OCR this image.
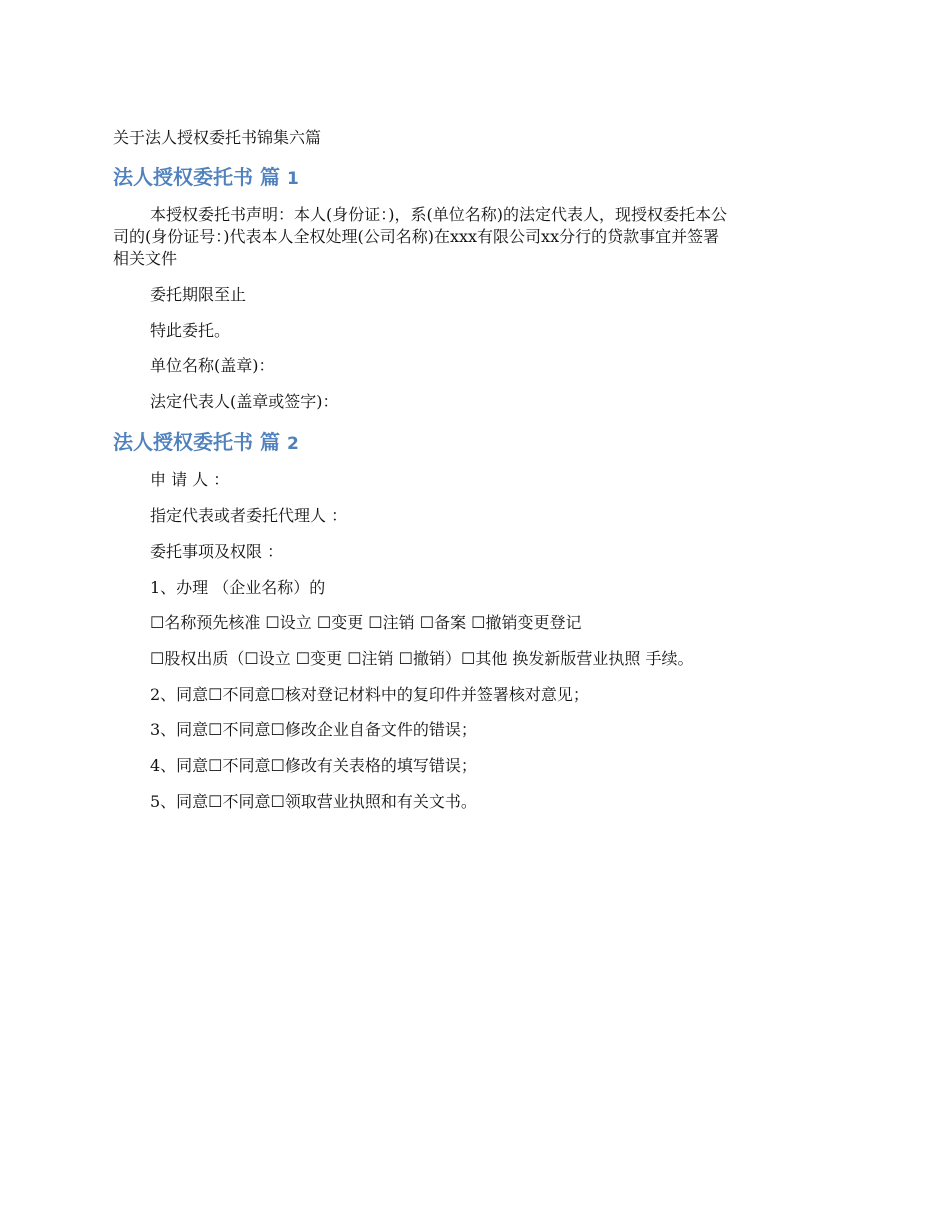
关于法人授权委托书锦集六篇
法人授权委托书 篇 1
本授权委托书声明：本人(身份证：)，系(单位名称)的法定代表人，现授权委托本公
司的(身份证号：)代表本人全权处理(公司名称)在xxx有限公司xx分行的贷款事宜并签署
相关文件
委托期限至止
特此委托。
单位名称(盖章)：
法定代表人(盖章或签字)：
法人授权委托书 篇 2
申 请 人 ：
指定代表或者委托代理人 ：
委托事项及权限 ：
1、办理 （企业名称）的
☐名称预先核准 ☐设立 ☐变更 ☐注销 ☐备案 ☐撤销变更登记
☐股权出质（☐设立 ☐变更 ☐注销 ☐撤销）☐其他 换发新版营业执照 手续。
2、同意☐不同意☐核对登记材料中的复印件并签署核对意见；
3、同意☐不同意☐修改企业自备文件的错误；
4、同意☐不同意☐修改有关表格的填写错误；
5、同意☐不同意☐领取营业执照和有关文书。
